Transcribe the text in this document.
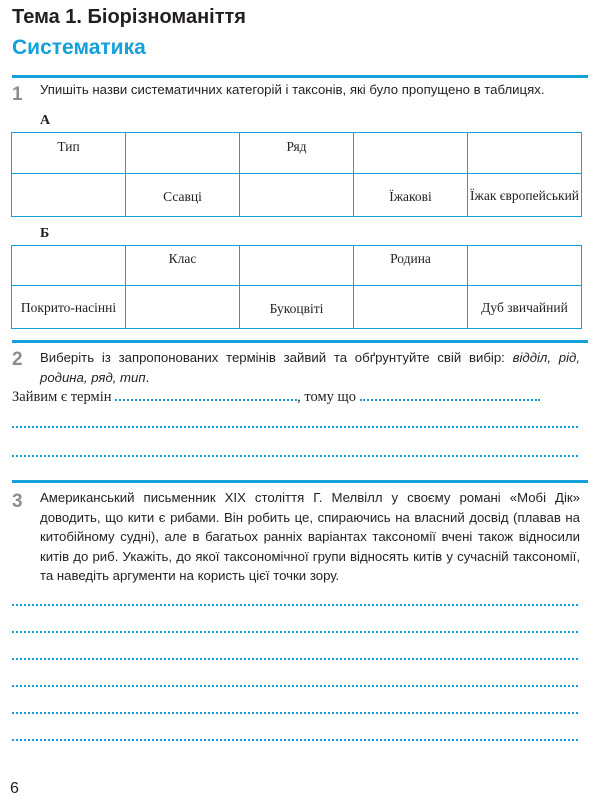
Тема 1. Біорізноманіття
Систематика
1 Упишіть назви систематичних категорій і таксонів, які було пропущено в таблицях.
А
Тип		Ряд		
	Ссавці		Їжакові	Їжак європейський
Б
	Клас		Родина	
Покрито-насінні		Букоцвіті		Дуб звичайний
2 Виберіть із запропонованих термінів зайвий та обґрунтуйте свій вибір: відділ, рід, родина, ряд, тип.
Зайвим є термін	, тому що
3 Американський письменник XIX століття Г. Мелвілл у своєму романі «Мобі Дік» доводить, що кити є рибами. Він робить це, спираючись на власний досвід (плавав на китобійному судні), але в багатьох ранніх варіантах таксономії вчені також відносили китів до риб. Укажіть, до якої таксономічної групи відносять китів у сучасній таксономії, та наведіть аргументи на користь цієї точки зору.
6
